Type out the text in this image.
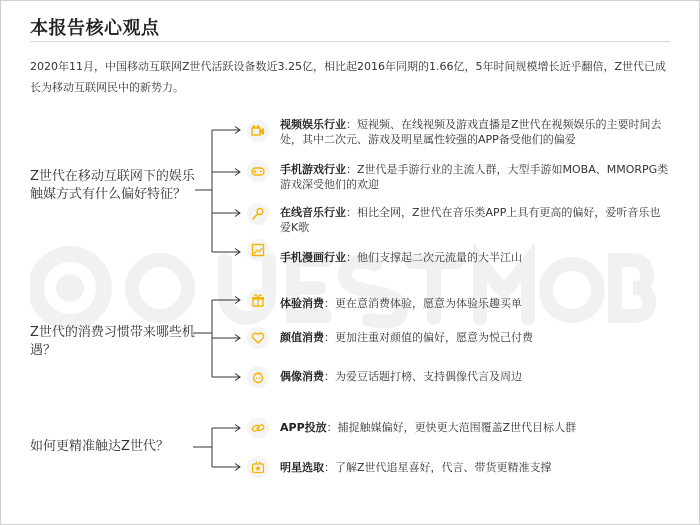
本报告核心观点

2020年11月，中国移动互联网Z世代活跃设备数近3.25亿，相比起2016年同期的1.66亿，5年时间规模增长近乎翻倍，Z世代已成长为移动互联网民中的新势力。

Z世代在移动互联网下的娱乐触媒方式有什么偏好特征？
视频娱乐行业：短视频、在线视频及游戏直播是Z世代在视频娱乐的主要时间去处，其中二次元、游戏及明星属性较强的APP备受他们的偏爱
手机游戏行业：Z世代是手游行业的主流人群，大型手游如MOBA、MMORPG类游戏深受他们的欢迎
在线音乐行业：相比全网，Z世代在音乐类APP上具有更高的偏好，爱听音乐也爱K歌
手机漫画行业：他们支撑起二次元流量的大半江山
Z世代的消费习惯带来哪些机遇？
体验消费：更在意消费体验，愿意为体验乐趣买单
颜值消费：更加注重对颜值的偏好，愿意为悦己付费
偶像消费：为爱豆话题打榜、支持偶像代言及周边
如何更精准触达Z世代？
APP投放：捕捉触媒偏好，更快更大范围覆盖Z世代目标人群
明星选取：了解Z世代追星喜好，代言、带货更精准支撑
